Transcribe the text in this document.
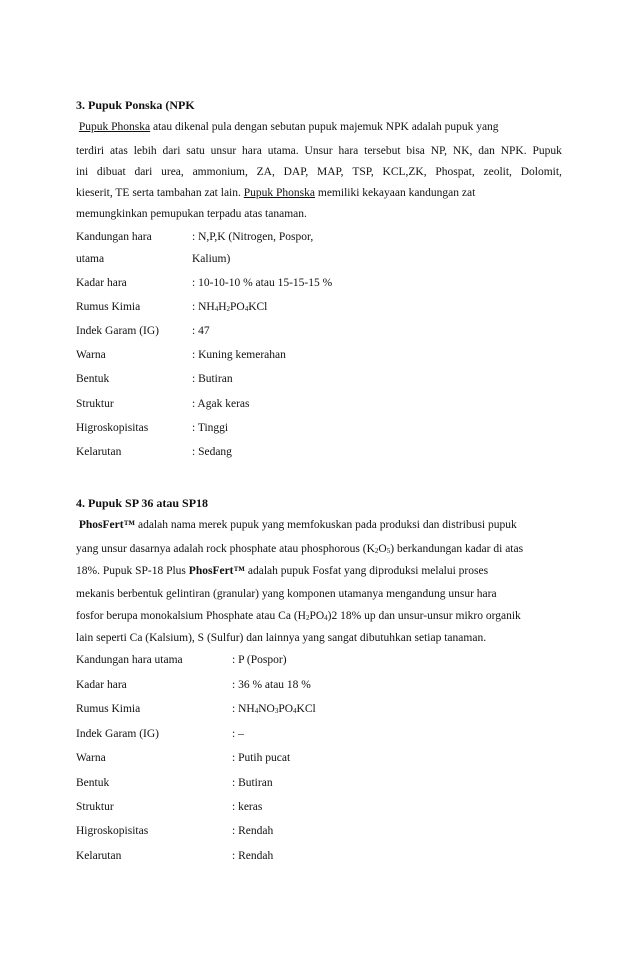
3. Pupuk Ponska (NPK
Pupuk Phonska atau dikenal pula dengan sebutan pupuk majemuk NPK adalah pupuk yang
terdiri atas lebih dari satu unsur hara utama. Unsur hara tersebut bisa NP, NK, dan NPK. Pupuk
ini dibuat dari urea, ammonium, ZA, DAP, MAP, TSP, KCL,ZK, Phospat, zeolit, Dolomit,
kieserit, TE serta tambahan zat lain. Pupuk Phonska memiliki kekayaan kandungan zat
memungkinkan pemupukan terpadu atas tanaman.
Kandungan hara	: N,P,K (Nitrogen, Pospor,
utama	Kalium)
Kadar hara	: 10-10-10 % atau 15-15-15 %
Rumus Kimia	: $NH_4H_2PO_4KCl$
Indek Garam (IG)	: 47
Warna	: Kuning kemerahan
Bentuk	: Butiran
Struktur	: Agak keras
Higroskopisitas	: Tinggi
Kelarutan	: Sedang
4. Pupuk SP 36 atau SP18
PhosFert™ adalah nama merek pupuk yang memfokuskan pada produksi dan distribusi pupuk
yang unsur dasarnya adalah rock phosphate atau phosphorous $(K_2O_5)$ berkandungan kadar di atas
18%. Pupuk SP-18 Plus PhosFert™ adalah pupuk Fosfat yang diproduksi melalui proses
mekanis berbentuk gelintiran (granular) yang komponen utamanya mengandung unsur hara
fosfor berupa monokalsium Phosphate atau Ca $(H_2PO_4)2$ 18% up dan unsur-unsur mikro organik
lain seperti Ca (Kalsium), S (Sulfur) dan lainnya yang sangat dibutuhkan setiap tanaman.
Kandungan hara utama	: P (Pospor)
Kadar hara	: 36 % atau 18 %
Rumus Kimia	: $NH_4NO_3PO_4KCl$
Indek Garam (IG)	: –
Warna	: Putih pucat
Bentuk	: Butiran
Struktur	: keras
Higroskopisitas	: Rendah
Kelarutan	: Rendah
